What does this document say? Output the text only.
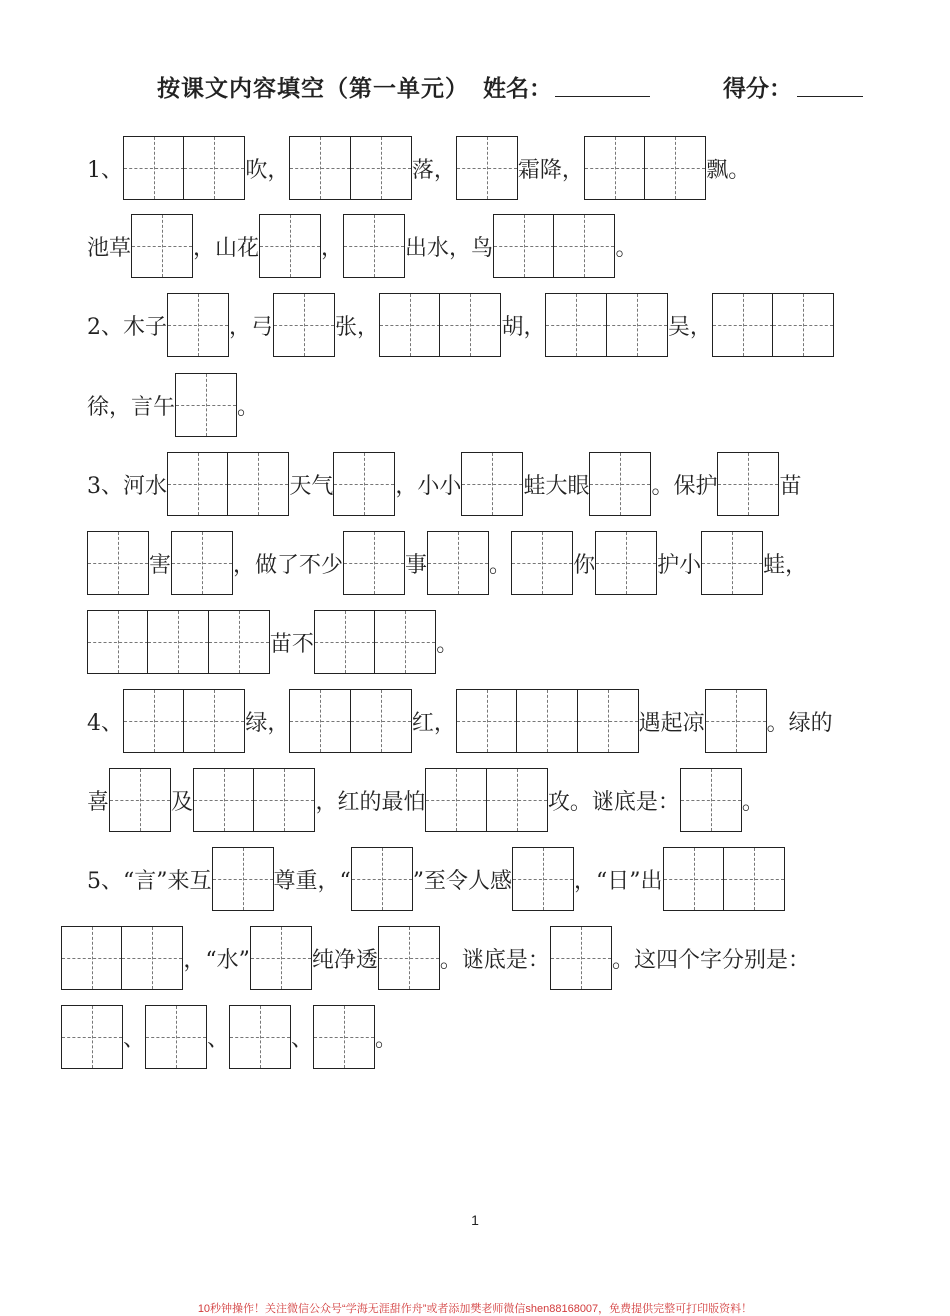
按课文内容填空（第一单元） 姓名：	得分：
1、	吹，	落，	霜降，	飘。
池草	，山花	，	出水，鸟	。
2、木子	，弓	张，	胡，	吴，
徐，言午	。
3、河水	天气	，小小	蛙大眼	。保护	苗
害	，做了不少	事	。	你	护小	蛙，
苗不	。
4、	绿，	红，	遇起凉	。绿的
喜	及	，红的最怕	攻。谜底是：	。
5、“言”来互	尊重，“	”至令人感	，“日”出
，“水”	纯净透	。谜底是：	。这四个字分别是：
、	、	、	。
1
10秒钟操作！关注微信公众号“学海无涯甜作舟”或者添加樊老师微信shen88168007，免费提供完整可打印版资料！
